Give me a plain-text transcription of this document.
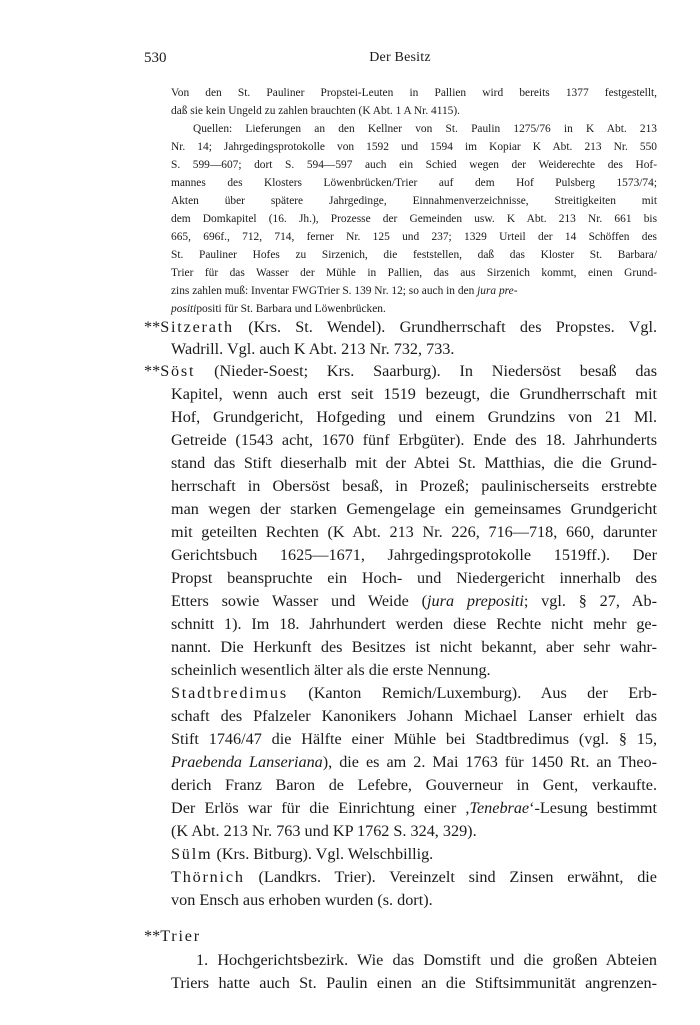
530	Der Besitz
Von den St. Pauliner Propstei-Leuten in Pallien wird bereits 1377 festgestellt,
daß sie kein Ungeld zu zahlen brauchten (K Abt. 1 A Nr. 4115).
Quellen: Lieferungen an den Kellner von St. Paulin 1275/76 in K Abt. 213
Nr. 14; Jahrgedingsprotokolle von 1592 und 1594 im Kopiar K Abt. 213 Nr. 550
S. 599—607; dort S. 594—597 auch ein Schied wegen der Weiderechte des Hof-
mannes des Klosters Löwenbrücken/Trier auf dem Hof Pulsberg 1573/74;
Akten über spätere Jahrgedinge, Einnahmenverzeichnisse, Streitigkeiten mit
dem Domkapitel (16. Jh.), Prozesse der Gemeinden usw. K Abt. 213 Nr. 661 bis
665, 696f., 712, 714, ferner Nr. 125 und 237; 1329 Urteil der 14 Schöffen des
St. Pauliner Hofes zu Sirzenich, die feststellen, daß das Kloster St. Barbara/
Trier für das Wasser der Mühle in Pallien, das aus Sirzenich kommt, einen Grund-
zins zahlen muß: Inventar FWGTrier S. 139 Nr. 12; so auch in den jura pre-
positipositi für St. Barbara und Löwenbrücken.
**Sitzerath (Krs. St. Wendel). Grundherrschaft des Propstes. Vgl.
Wadrill. Vgl. auch K Abt. 213 Nr. 732, 733.
**Söst (Nieder-Soest; Krs. Saarburg). In Niedersöst besaß das
Kapitel, wenn auch erst seit 1519 bezeugt, die Grundherrschaft mit
Hof, Grundgericht, Hofgeding und einem Grundzins von 21 Ml.
Getreide (1543 acht, 1670 fünf Erbgüter). Ende des 18. Jahrhunderts
stand das Stift dieserhalb mit der Abtei St. Matthias, die die Grund-
herrschaft in Obersöst besaß, in Prozeß; paulinischerseits erstrebte
man wegen der starken Gemengelage ein gemeinsames Grundgericht
mit geteilten Rechten (K Abt. 213 Nr. 226, 716—718, 660, darunter
Gerichtsbuch 1625—1671, Jahrgedingsprotokolle 1519ff.). Der
Propst beanspruchte ein Hoch- und Niedergericht innerhalb des
Etters sowie Wasser und Weide (jura prepositi; vgl. § 27, Ab-
schnitt 1). Im 18. Jahrhundert werden diese Rechte nicht mehr ge-
nannt. Die Herkunft des Besitzes ist nicht bekannt, aber sehr wahr-
scheinlich wesentlich älter als die erste Nennung.
Stadtbredimus (Kanton Remich/Luxemburg). Aus der Erb-
schaft des Pfalzeler Kanonikers Johann Michael Lanser erhielt das
Stift 1746/47 die Hälfte einer Mühle bei Stadtbredimus (vgl. § 15,
Praebenda Lanseriana), die es am 2. Mai 1763 für 1450 Rt. an Theo-
derich Franz Baron de Lefebre, Gouverneur in Gent, verkaufte.
Der Erlös war für die Einrichtung einer ,Tenebrae‘-Lesung bestimmt
(K Abt. 213 Nr. 763 und KP 1762 S. 324, 329).
Sülm (Krs. Bitburg). Vgl. Welschbillig.
Thörnich (Landkrs. Trier). Vereinzelt sind Zinsen erwähnt, die
von Ensch aus erhoben wurden (s. dort).
**Trier
1. Hochgerichtsbezirk. Wie das Domstift und die großen Abteien
Triers hatte auch St. Paulin einen an die Stiftsimmunität angrenzen-
